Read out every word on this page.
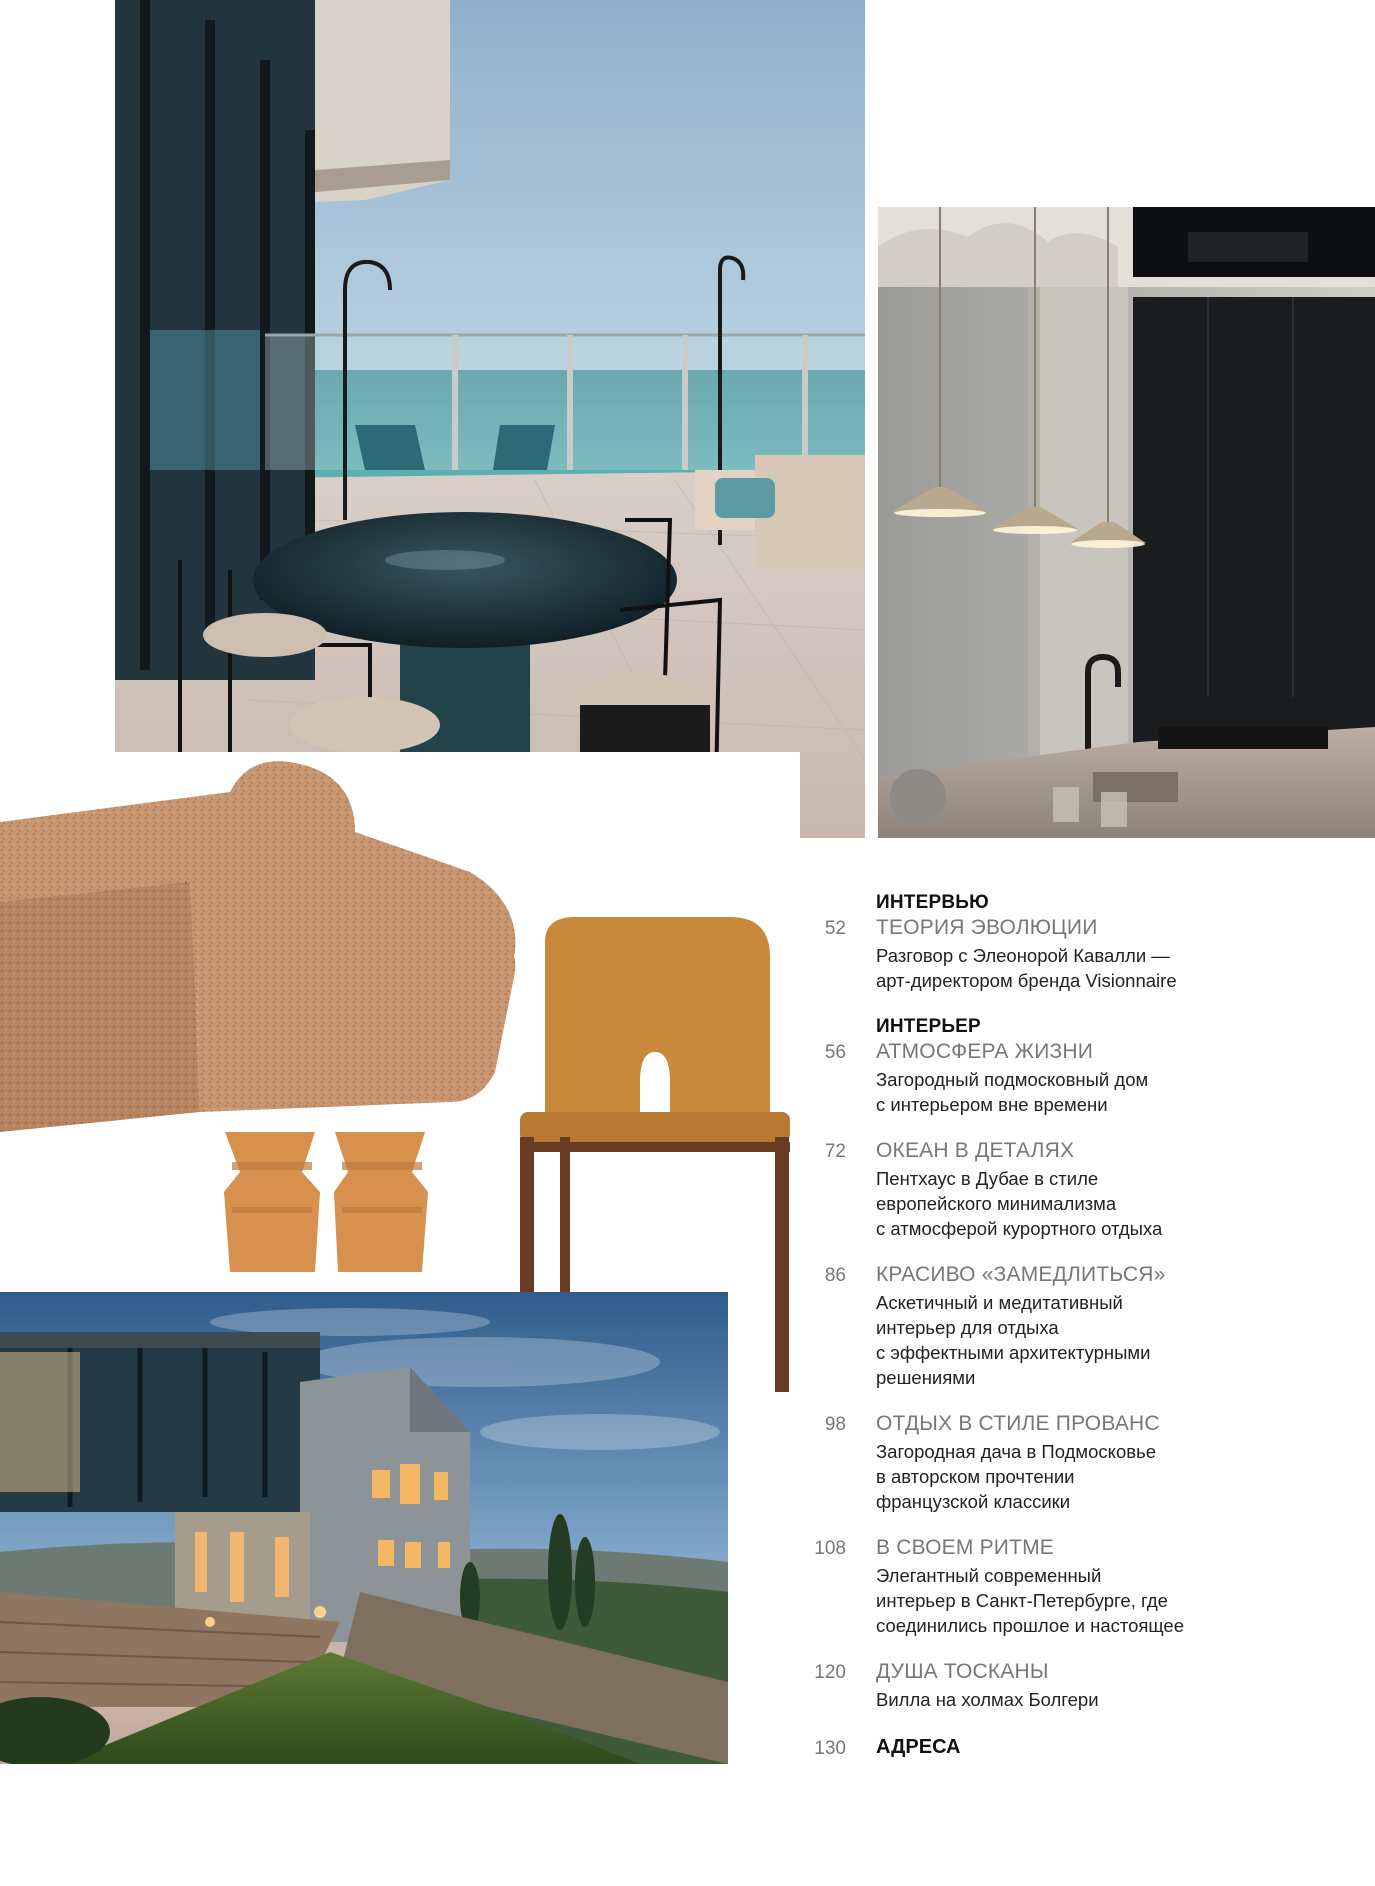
ИНТЕРВЬЮ
52 ТЕОРИЯ ЭВОЛЮЦИИ
Разговор с Элеонорой Кавалли —
арт-директором бренда Visionnaire
ИНТЕРЬЕР
56 АТМОСФЕРА ЖИЗНИ
Загородный подмосковный дом
с интерьером вне времени
72 ОКЕАН В ДЕТАЛЯХ
Пентхаус в Дубае в стиле
европейского минимализма
с атмосферой курортного отдыха
86 КРАСИВО «ЗАМЕДЛИТЬСЯ»
Аскетичный и медитативный
интерьер для отдыха
с эффектными архитектурными
решениями
98 ОТДЫХ В СТИЛЕ ПРОВАНС
Загородная дача в Подмосковье
в авторском прочтении
французской классики
108 В СВОЕМ РИТМЕ
Элегантный современный
интерьер в Санкт-Петербурге, где
соединились прошлое и настоящее
120 ДУША ТОСКАНЫ
Вилла на холмах Болгери
130 АДРЕСА
